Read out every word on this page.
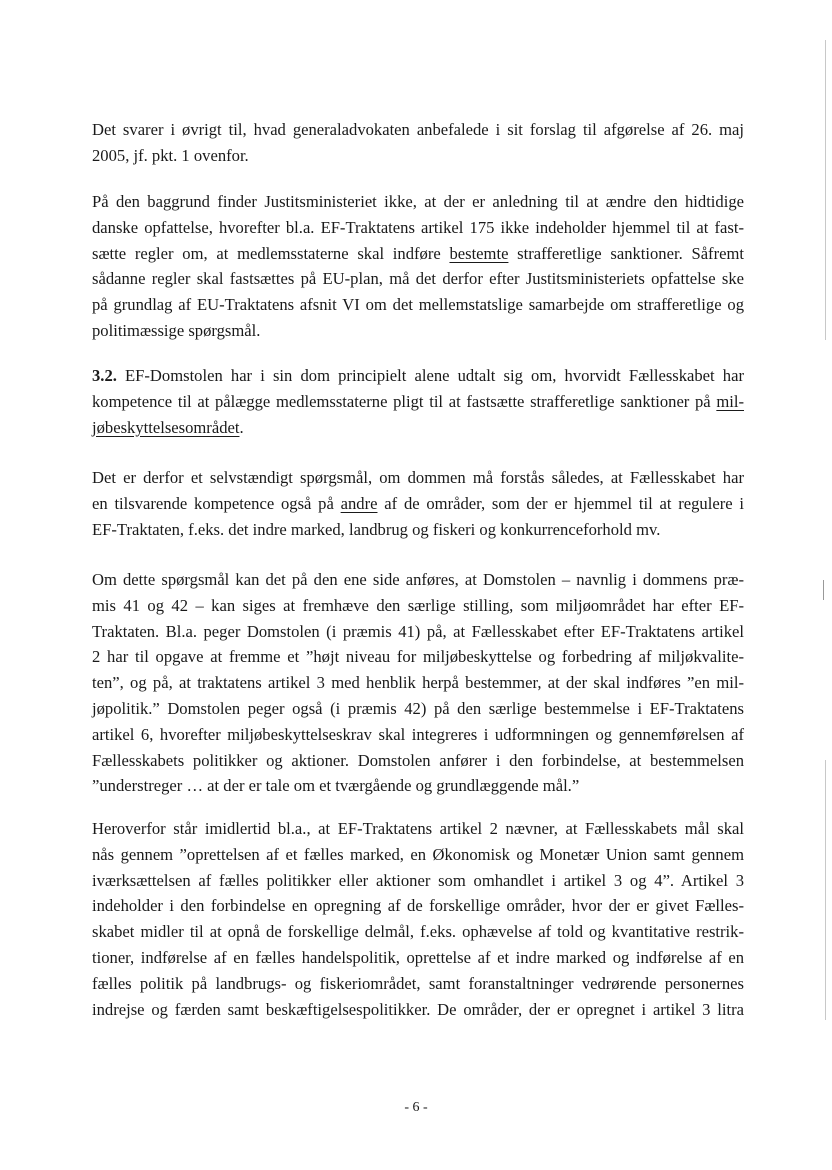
Det svarer i øvrigt til, hvad generaladvokaten anbefalede i sit forslag til afgørelse af 26. maj
2005, jf. pkt. 1 ovenfor.
På den baggrund finder Justitsministeriet ikke, at der er anledning til at ændre den hidtidige
danske opfattelse, hvorefter bl.a. EF-Traktatens artikel 175 ikke indeholder hjemmel til at fast-
sætte regler om, at medlemsstaterne skal indføre bestemte strafferetlige sanktioner. Såfremt
sådanne regler skal fastsættes på EU-plan, må det derfor efter Justitsministeriets opfattelse ske
på grundlag af EU-Traktatens afsnit VI om det mellemstatslige samarbejde om strafferetlige og
politimæssige spørgsmål.
3.2. EF-Domstolen har i sin dom principielt alene udtalt sig om, hvorvidt Fællesskabet har
kompetence til at pålægge medlemsstaterne pligt til at fastsætte strafferetlige sanktioner på mil-
jøbeskyttelsesområdet.
Det er derfor et selvstændigt spørgsmål, om dommen må forstås således, at Fællesskabet har
en tilsvarende kompetence også på andre af de områder, som der er hjemmel til at regulere i
EF-Traktaten, f.eks. det indre marked, landbrug og fiskeri og konkurrenceforhold mv.
Om dette spørgsmål kan det på den ene side anføres, at Domstolen – navnlig i dommens præ-
mis 41 og 42 – kan siges at fremhæve den særlige stilling, som miljøområdet har efter EF-
Traktaten. Bl.a. peger Domstolen (i præmis 41) på, at Fællesskabet efter EF-Traktatens artikel
2 har til opgave at fremme et ”højt niveau for miljøbeskyttelse og forbedring af miljøkvalite-
ten”, og på, at traktatens artikel 3 med henblik herpå bestemmer, at der skal indføres ”en mil-
jøpolitik.” Domstolen peger også (i præmis 42) på den særlige bestemmelse i EF-Traktatens
artikel 6, hvorefter miljøbeskyttelseskrav skal integreres i udformningen og gennemførelsen af
Fællesskabets politikker og aktioner. Domstolen anfører i den forbindelse, at bestemmelsen
”understreger … at der er tale om et tværgående og grundlæggende mål.”
Heroverfor står imidlertid bl.a., at EF-Traktatens artikel 2 nævner, at Fællesskabets mål skal
nås gennem ”oprettelsen af et fælles marked, en Økonomisk og Monetær Union samt gennem
iværksættelsen af fælles politikker eller aktioner som omhandlet i artikel 3 og 4”. Artikel 3
indeholder i den forbindelse en opregning af de forskellige områder, hvor der er givet Fælles-
skabet midler til at opnå de forskellige delmål, f.eks. ophævelse af told og kvantitative restrik-
tioner, indførelse af en fælles handelspolitik, oprettelse af et indre marked og indførelse af en
fælles politik på landbrugs- og fiskeriområdet, samt foranstaltninger vedrørende personernes
indrejse og færden samt beskæftigelsespolitikker. De områder, der er opregnet i artikel 3 litra
- 6 -
